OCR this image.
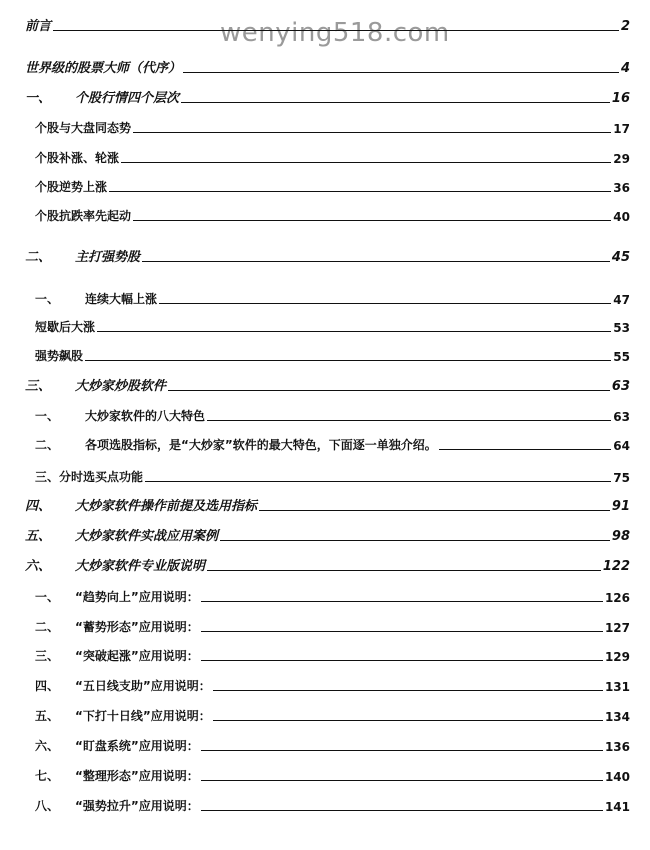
wenying518.com
前言	2
世界级的股票大师（代序）	4
一、	个股行情四个层次	16
个股与大盘同态势	17
个股补涨、轮涨	29
个股逆势上涨	36
个股抗跌率先起动	40
二、	主打强势股	45
一、	连续大幅上涨	47
短歇后大涨	53
强势飙股	55
三、	大炒家炒股软件	63
一、	大炒家软件的八大特色	63
二、	各项选股指标，是“大炒家”软件的最大特色，下面逐一单独介绍。	64
三、分时选买点功能	75
四、	大炒家软件操作前提及选用指标	91
五、	大炒家软件实战应用案例	98
六、	大炒家软件专业版说明	122
一、	“趋势向上”应用说明：	126
二、	“蓄势形态”应用说明：	127
三、	“突破起涨”应用说明：	129
四、	“五日线支助”应用说明：	131
五、	“下打十日线”应用说明：	134
六、	“盯盘系统”应用说明：	136
七、	“整理形态”应用说明：	140
八、	“强势拉升”应用说明：	141
